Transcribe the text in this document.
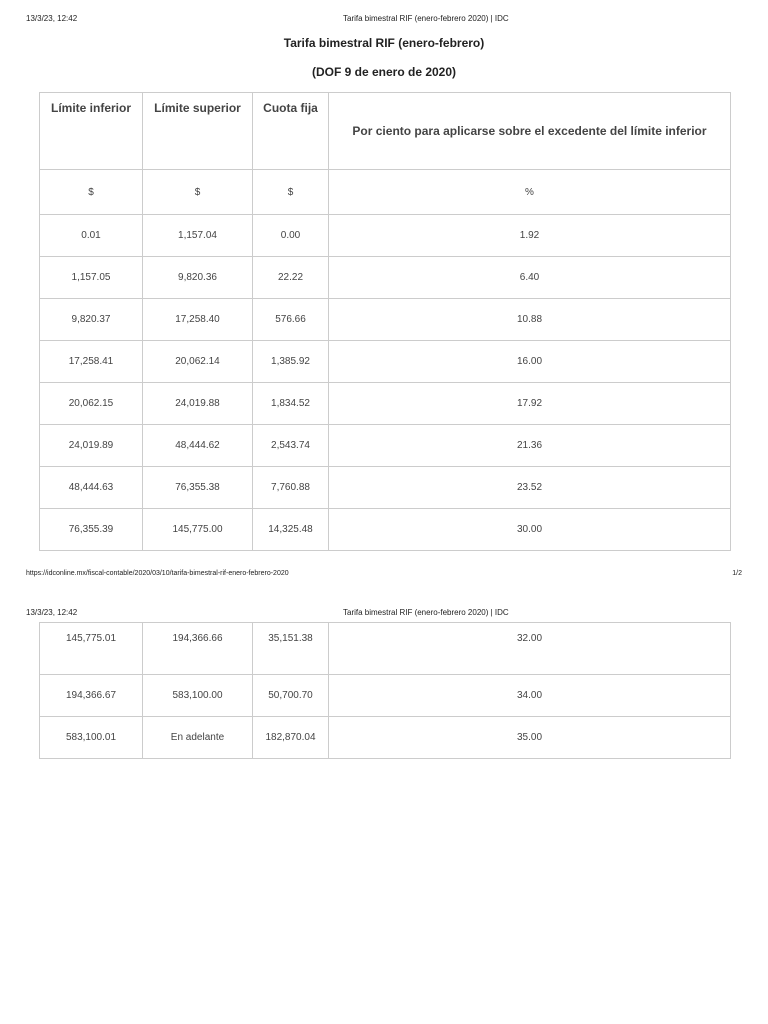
13/3/23, 12:42	Tarifa bimestral RIF (enero-febrero 2020) | IDC
Tarifa bimestral RIF (enero-febrero)
(DOF 9 de enero de 2020)
Límite inferior	Límite superior	Cuota fija	Por ciento para aplicarse sobre el excedente del límite inferior
$	$	$	%
0.01	1,157.04	0.00	1.92
1,157.05	9,820.36	22.22	6.40
9,820.37	17,258.40	576.66	10.88
17,258.41	20,062.14	1,385.92	16.00
20,062.15	24,019.88	1,834.52	17.92
24,019.89	48,444.62	2,543.74	21.36
48,444.63	76,355.38	7,760.88	23.52
76,355.39	145,775.00	14,325.48	30.00
https://idconline.mx/fiscal-contable/2020/03/10/tarifa-bimestral-rif-enero-febrero-2020	1/2
13/3/23, 12:42	Tarifa bimestral RIF (enero-febrero 2020) | IDC
145,775.01	194,366.66	35,151.38	32.00
194,366.67	583,100.00	50,700.70	34.00
583,100.01	En adelante	182,870.04	35.00
